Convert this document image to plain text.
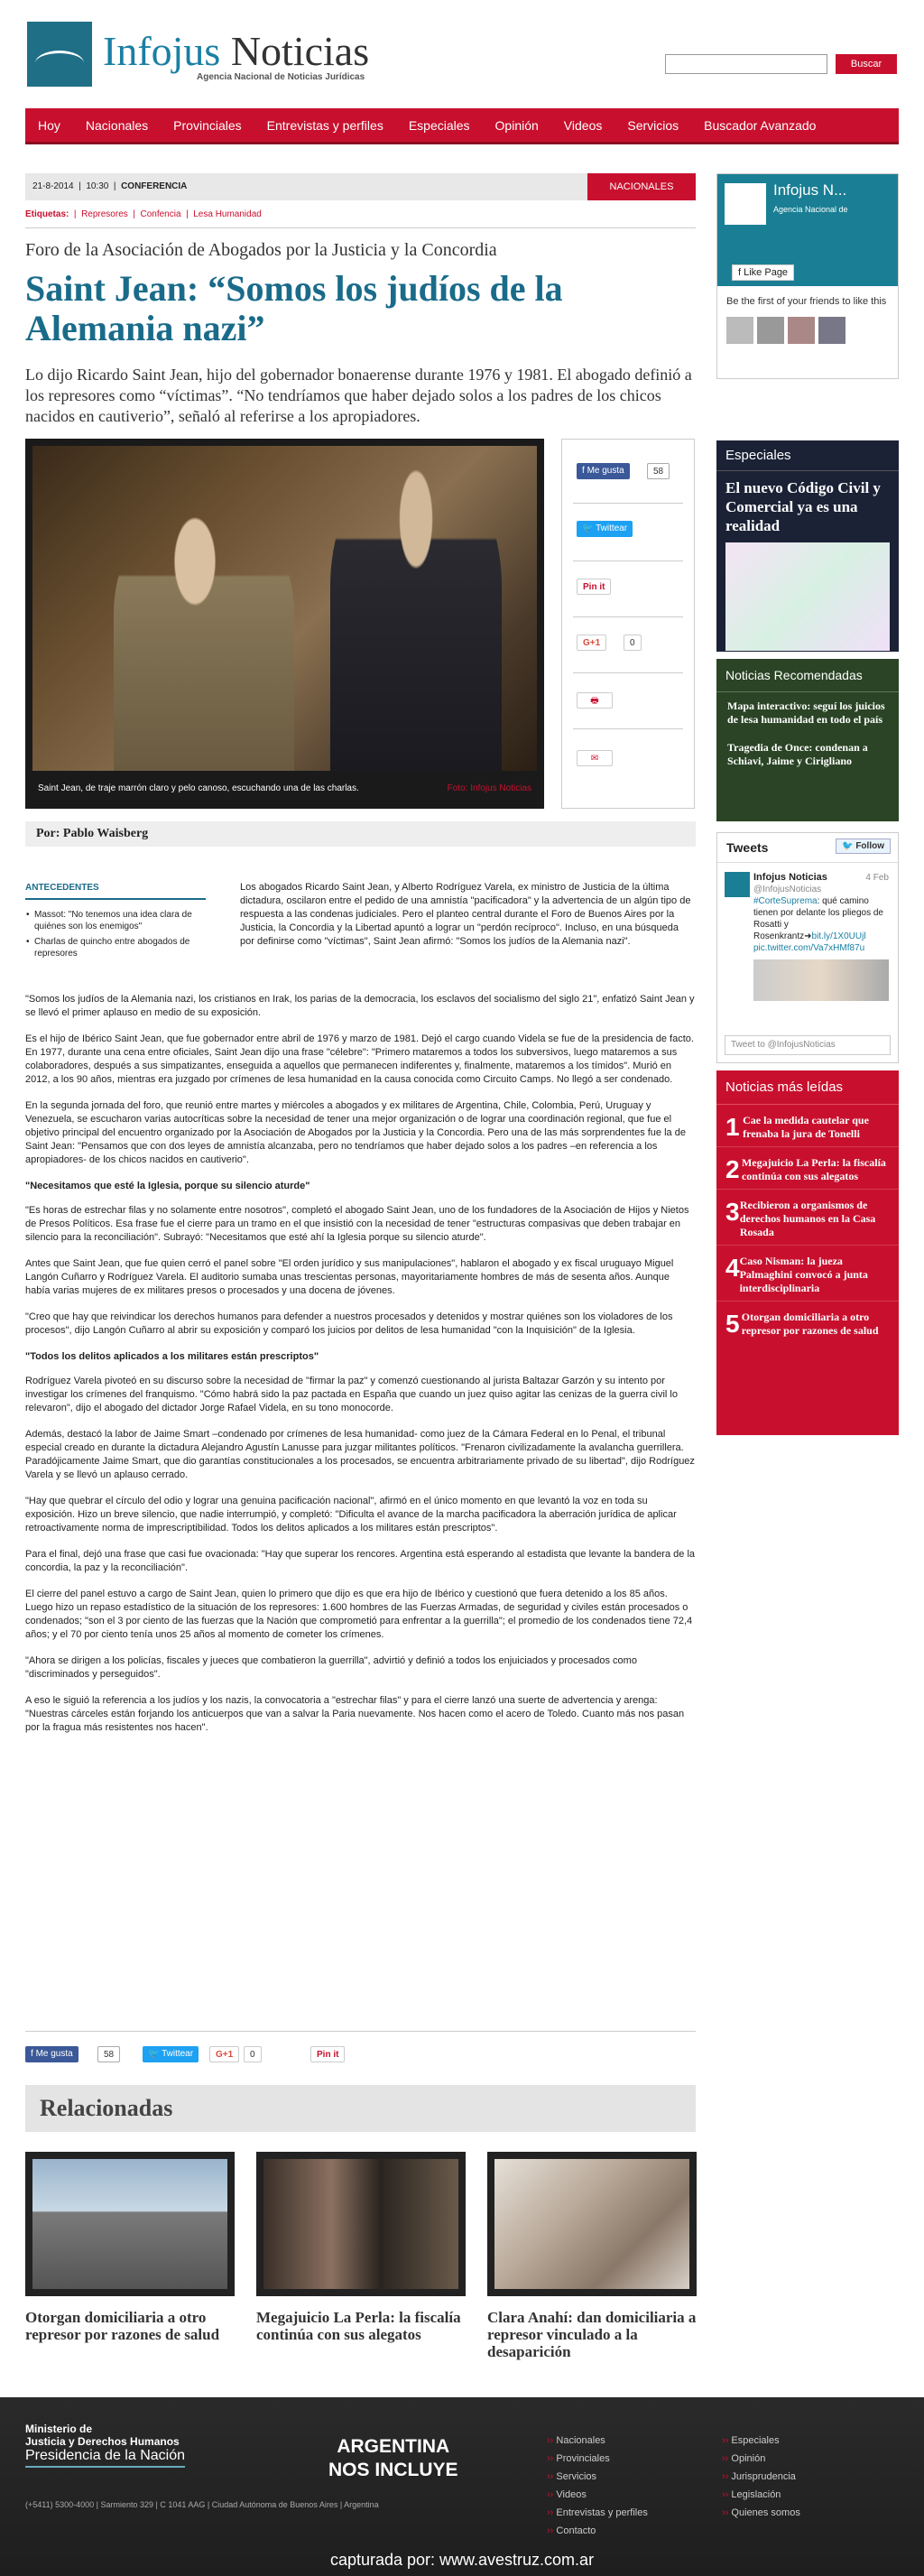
Infojus Noticias
Agencia Nacional de Noticias Jurídicas
Buscar
Hoy Nacionales Provinciales Entrevistas y perfiles Especiales Opinión Videos Servicios Buscador Avanzado
21-8-2014  |  10:30  |  CONFERENCIA	NACIONALES
Etiquetas:  |  Represores  |  Confencia  |  Lesa Humanidad
Foro de la Asociación de Abogados por la Justicia y la Concordia
Saint Jean: “Somos los judíos de la Alemania nazi”
Lo dijo Ricardo Saint Jean, hijo del gobernador bonaerense durante 1976 y 1981. El abogado definió a los represores como “víctimas”. “No tendríamos que haber dejado solos a los padres de los chicos nacidos en cautiverio”, señaló al referirse a los apropiadores.
Saint Jean, de traje marrón claro y pelo canoso, escuchando una de las charlas.	Foto: Infojus Noticias
f Me gusta	58
🐦 Twittear
Pin it
G+1	0
🖶
✉
Por: Pablo Waisberg
ANTECEDENTES
• Massot: "No tenemos una idea clara de quiénes son los enemigos"
• Charlas de quincho entre abogados de represores
Los abogados Ricardo Saint Jean, y Alberto Rodríguez Varela, ex ministro de Justicia de la última dictadura, oscilaron entre el pedido de una amnistía "pacificadora" y la advertencia de un algún tipo de respuesta a las condenas judiciales. Pero el planteo central durante el Foro de Buenos Aires por la Justicia, la Concordia y la Libertad apuntó a lograr un "perdón recíproco". Incluso, en una búsqueda por definirse como "víctimas", Saint Jean afirmó: "Somos los judíos de la Alemania nazi".

"Somos los judíos de la Alemania nazi, los cristianos en Irak, los parias de la democracia, los esclavos del socialismo del siglo 21", enfatizó Saint Jean y se llevó el primer aplauso en medio de su exposición.

Es el hijo de Ibérico Saint Jean, que fue gobernador entre abril de 1976 y marzo de 1981. Dejó el cargo cuando Videla se fue de la presidencia de facto. En 1977, durante una cena entre oficiales, Saint Jean dijo una frase "célebre": "Primero mataremos a todos los subversivos, luego mataremos a sus colaboradores, después a sus simpatizantes, enseguida a aquellos que permanecen indiferentes y, finalmente, mataremos a los tímidos". Murió en 2012, a los 90 años, mientras era juzgado por crímenes de lesa humanidad en la causa conocida como Circuito Camps. No llegó a ser condenado.

En la segunda jornada del foro, que reunió entre martes y miércoles a abogados y ex militares de Argentina, Chile, Colombia, Perú, Uruguay y Venezuela, se escucharon varias autocríticas sobre la necesidad de tener una mejor organización o de lograr una coordinación regional, que fue el objetivo principal del encuentro organizado por la Asociación de Abogados por la Justicia y la Concordia. Pero una de las más sorprendentes fue la de Saint Jean: "Pensamos que con dos leyes de amnistía alcanzaba, pero no tendríamos que haber dejado solos a los padres –en referencia a los apropiadores- de los chicos nacidos en cautiverio".

"Necesitamos que esté la Iglesia, porque su silencio aturde"

"Es horas de estrechar filas y no solamente entre nosotros", completó el abogado Saint Jean, uno de los fundadores de la Asociación de Hijos y Nietos de Presos Políticos. Esa frase fue el cierre para un tramo en el que insistió con la necesidad de tener "estructuras compasivas que deben trabajar en silencio para la reconciliación". Subrayó: "Necesitamos que esté ahí la Iglesia porque su silencio aturde".

Antes que Saint Jean, que fue quien cerró el panel sobre "El orden jurídico y sus manipulaciones", hablaron el abogado y ex fiscal uruguayo Miguel Langón Cuñarro y Rodríguez Varela. El auditorio sumaba unas trescientas personas, mayoritariamente hombres de más de sesenta años. Aunque había varias mujeres de ex militares presos o procesados y una docena de jóvenes.

"Creo que hay que reivindicar los derechos humanos para defender a nuestros procesados y detenidos y mostrar quiénes son los violadores de los procesos", dijo Langón Cuñarro al abrir su exposición y comparó los juicios por delitos de lesa humanidad "con la Inquisición" de la Iglesia.

"Todos los delitos aplicados a los militares están prescriptos"

Rodríguez Varela pivoteó en su discurso sobre la necesidad de "firmar la paz" y comenzó cuestionando al jurista Baltazar Garzón y su intento por investigar los crímenes del franquismo. "Cómo habrá sido la paz pactada en España que cuando un juez quiso agitar las cenizas de la guerra civil lo relevaron", dijo el abogado del dictador Jorge Rafael Videla, en su tono monocorde.

Además, destacó la labor de Jaime Smart –condenado por crímenes de lesa humanidad- como juez de la Cámara Federal en lo Penal, el tribunal especial creado en durante la dictadura Alejandro Agustín Lanusse para juzgar militantes políticos. "Frenaron civilizadamente la avalancha guerrillera. Paradójicamente Jaime Smart, que dio garantías constitucionales a los procesados, se encuentra arbitrariamente privado de su libertad", dijo Rodríguez Varela y se llevó un aplauso cerrado.

"Hay que quebrar el círculo del odio y lograr una genuina pacificación nacional", afirmó en el único momento en que levantó la voz en toda su exposición. Hizo un breve silencio, que nadie interrumpió, y completó: "Dificulta el avance de la marcha pacificadora la aberración jurídica de aplicar retroactivamente norma de imprescriptibilidad. Todos los delitos aplicados a los militares están prescriptos".

Para el final, dejó una frase que casi fue ovacionada: "Hay que superar los rencores. Argentina está esperando al estadista que levante la bandera de la concordia, la paz y la reconciliación".

El cierre del panel estuvo a cargo de Saint Jean, quien lo primero que dijo es que era hijo de Ibérico y cuestionó que fuera detenido a los 85 años. Luego hizo un repaso estadístico de la situación de los represores: 1.600 hombres de las Fuerzas Armadas, de seguridad y civiles están procesados o condenados; "son el 3 por ciento de las fuerzas que la Nación que comprometió para enfrentar a la guerrilla"; el promedio de los condenados tiene 72,4 años; y el 70 por ciento tenía unos 25 años al momento de cometer los crímenes.

"Ahora se dirigen a los policías, fiscales y jueces que combatieron la guerrilla", advirtió y definió a todos los enjuiciados y procesados como "discriminados y perseguidos".

A eso le siguió la referencia a los judíos y los nazis, la convocatoria a "estrechar filas" y para el cierre lanzó una suerte de advertencia y arenga: "Nuestras cárceles están forjando los anticuerpos que van a salvar la Paria nuevamente. Nos hacen como el acero de Toledo. Cuanto más nos pasan por la fragua más resistentes nos hacen".

f Me gusta	58	🐦 Twittear	G+1	0	Pin it
Relacionadas
Otorgan domiciliaria a otro represor por razones de salud
Megajuicio La Perla: la fiscalía continúa con sus alegatos
Clara Anahí: dan domiciliaria a represor vinculado a la desaparición
Infojus N...
Agencia Nacional de
f Like Page
Be the first of your friends to like this
Especiales
El nuevo Código Civil y Comercial ya es una realidad
Noticias Recomendadas
Mapa interactivo: seguí los juicios de lesa humanidad en todo el país
Tragedia de Once: condenan a Schiavi, Jaime y Cirigliano
Tweets	🐦 Follow
Infojus Noticias
@InfojusNoticias
4 Feb
#CorteSuprema: qué camino tienen por delante los pliegos de Rosatti y Rosenkrantz➜bit.ly/1X0UUjl
pic.twitter.com/Va7xHMf87u
Tweet to @InfojusNoticias
Noticias más leídas
1 Cae la medida cautelar que frenaba la jura de Tonelli
2 Megajuicio La Perla: la fiscalía continúa con sus alegatos
3 Recibieron a organismos de derechos humanos en la Casa Rosada
4 Caso Nisman: la jueza Palmaghini convocó a junta interdisciplinaria
5 Otorgan domiciliaria a otro represor por razones de salud
Ministerio de
Justicia y Derechos Humanos
Presidencia de la Nación
(+5411) 5300-4000 | Sarmiento 329 | C 1041 AAG | Ciudad Autónoma de Buenos Aires | Argentina
ARGENTINA
NOS INCLUYE
›› Nacionales
›› Provinciales
›› Servicios
›› Videos
›› Entrevistas y perfiles
›› Contacto
›› Especiales
›› Opinión
›› Jurisprudencia
›› Legislación
›› Quienes somos
capturada por: www.avestruz.com.ar
